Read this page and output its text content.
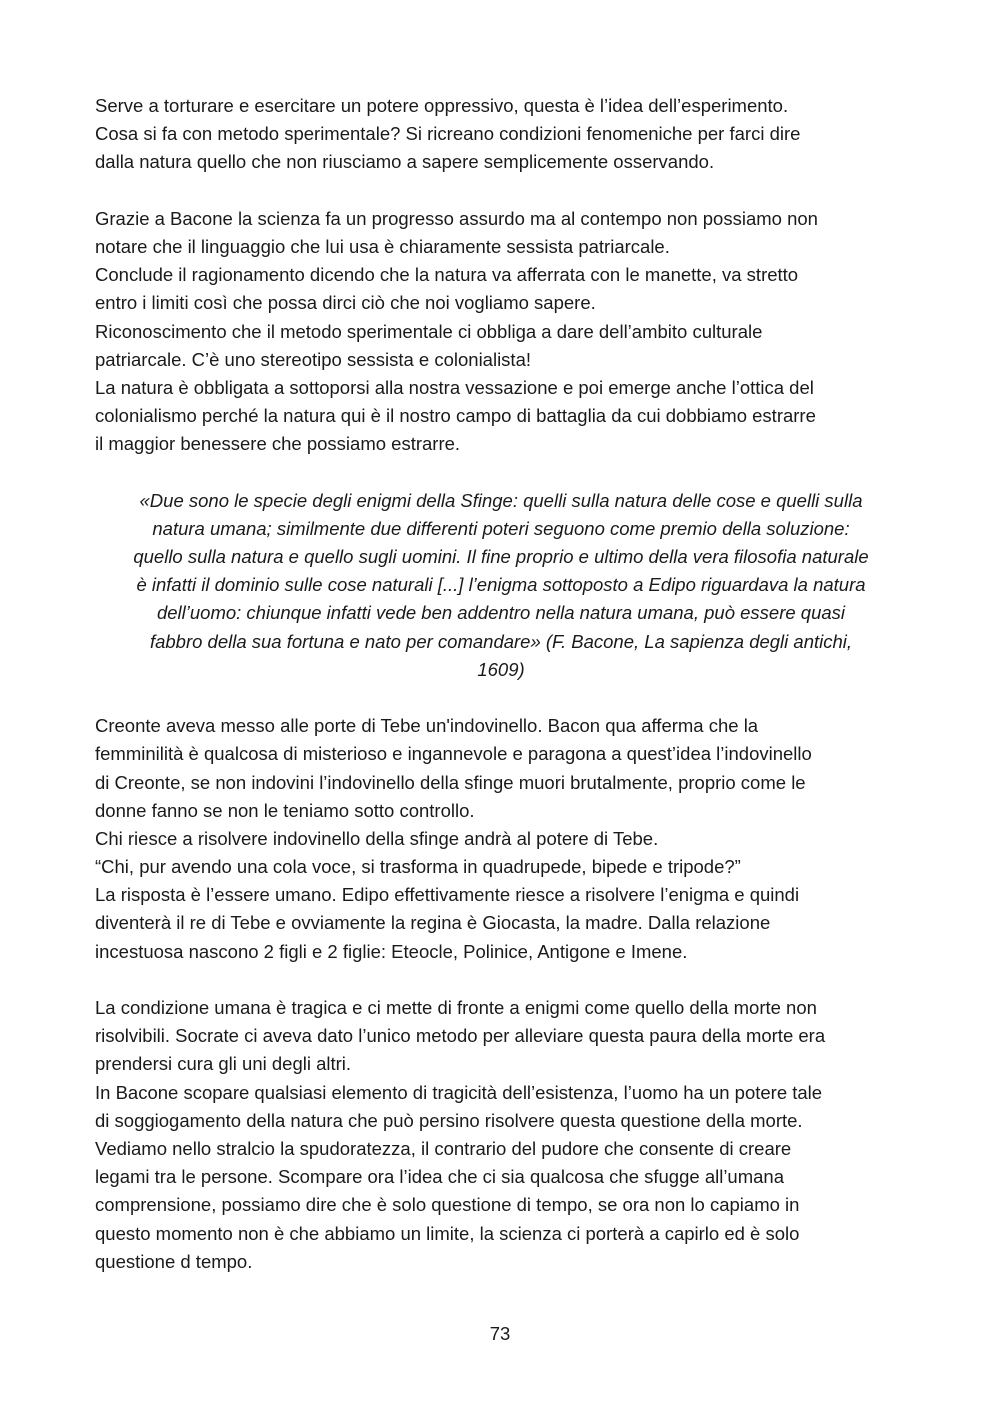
Serve a torturare e esercitare un potere oppressivo, questa è l’idea dell’esperimento.
Cosa si fa con metodo sperimentale? Si ricreano condizioni fenomeniche per farci dire
dalla natura quello che non riusciamo a sapere semplicemente osservando.
Grazie a Bacone la scienza fa un progresso assurdo ma al contempo non possiamo non
notare che il linguaggio che lui usa è chiaramente sessista patriarcale.
Conclude il ragionamento dicendo che la natura va afferrata con le manette, va stretto
entro i limiti così che possa dirci ciò che noi vogliamo sapere.
Riconoscimento che il metodo sperimentale ci obbliga a dare dell’ambito culturale
patriarcale. C’è uno stereotipo sessista e colonialista!
La natura è obbligata a sottoporsi alla nostra vessazione e poi emerge anche l’ottica del
colonialismo perché la natura qui è il nostro campo di battaglia da cui dobbiamo estrarre
il maggior benessere che possiamo estrarre.
«Due sono le specie degli enigmi della Sfinge: quelli sulla natura delle cose e quelli sulla
natura umana; similmente due differenti poteri seguono come premio della soluzione:
quello sulla natura e quello sugli uomini. Il fine proprio e ultimo della vera filosofia naturale
è infatti il dominio sulle cose naturali [...] l’enigma sottoposto a Edipo riguardava la natura
dell’uomo: chiunque infatti vede ben addentro nella natura umana, può essere quasi
fabbro della sua fortuna e nato per comandare» (F. Bacone, La sapienza degli antichi,
1609)
Creonte aveva messo alle porte di Tebe un'indovinello. Bacon qua afferma che la
femminilità è qualcosa di misterioso e ingannevole e paragona a quest’idea l’indovinello
di Creonte, se non indovini l’indovinello della sfinge muori brutalmente, proprio come le
donne fanno se non le teniamo sotto controllo.
Chi riesce a risolvere indovinello della sfinge andrà al potere di Tebe.
“Chi, pur avendo una cola voce, si trasforma in quadrupede, bipede e tripode?”
La risposta è l’essere umano. Edipo effettivamente riesce a risolvere l’enigma e quindi
diventerà il re di Tebe e ovviamente la regina è Giocasta, la madre. Dalla relazione
incestuosa nascono 2 figli e 2 figlie: Eteocle, Polinice, Antigone e Imene.
La condizione umana è tragica e ci mette di fronte a enigmi come quello della morte non
risolvibili. Socrate ci aveva dato l’unico metodo per alleviare questa paura della morte era
prendersi cura gli uni degli altri.
In Bacone scopare qualsiasi elemento di tragicità dell’esistenza, l’uomo ha un potere tale
di soggiogamento della natura che può persino risolvere questa questione della morte.
Vediamo nello stralcio la spudoratezza, il contrario del pudore che consente di creare
legami tra le persone. Scompare ora l’idea che ci sia qualcosa che sfugge all’umana
comprensione, possiamo dire che è solo questione di tempo, se ora non lo capiamo in
questo momento non è che abbiamo un limite, la scienza ci porterà a capirlo ed è solo
questione d tempo.
73
